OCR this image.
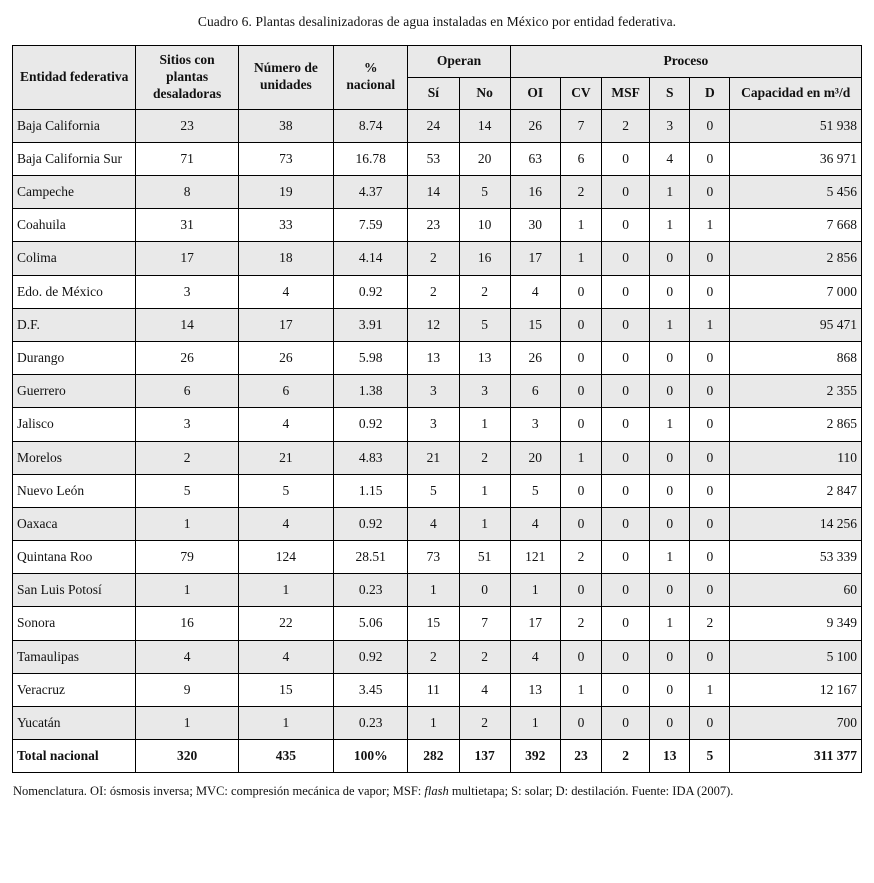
Cuadro 6. Plantas desalinizadoras de agua instaladas en México por entidad federativa.
Entidad federativa	Sitios con plantas desaladoras	Número de unidades	% nacional	Operan		Proceso					
				Sí	No	OI	CV	MSF	S	D	Capacidad en m³/d
Baja California	23	38	8.74	24	14	26	7	2	3	0	51 938
Baja California Sur	71	73	16.78	53	20	63	6	0	4	0	36 971
Campeche	8	19	4.37	14	5	16	2	0	1	0	5 456
Coahuila	31	33	7.59	23	10	30	1	0	1	1	7 668
Colima	17	18	4.14	2	16	17	1	0	0	0	2 856
Edo. de México	3	4	0.92	2	2	4	0	0	0	0	7 000
D.F.	14	17	3.91	12	5	15	0	0	1	1	95 471
Durango	26	26	5.98	13	13	26	0	0	0	0	868
Guerrero	6	6	1.38	3	3	6	0	0	0	0	2 355
Jalisco	3	4	0.92	3	1	3	0	0	1	0	2 865
Morelos	2	21	4.83	21	2	20	1	0	0	0	110
Nuevo León	5	5	1.15	5	1	5	0	0	0	0	2 847
Oaxaca	1	4	0.92	4	1	4	0	0	0	0	14 256
Quintana Roo	79	124	28.51	73	51	121	2	0	1	0	53 339
San Luis Potosí	1	1	0.23	1	0	1	0	0	0	0	60
Sonora	16	22	5.06	15	7	17	2	0	1	2	9 349
Tamaulipas	4	4	0.92	2	2	4	0	0	0	0	5 100
Veracruz	9	15	3.45	11	4	13	1	0	0	1	12 167
Yucatán	1	1	0.23	1	2	1	0	0	0	0	700
Total nacional	320	435	100%	282	137	392	23	2	13	5	311 377
Nomenclatura. OI: ósmosis inversa; MVC: compresión mecánica de vapor; MSF: flash multietapa; S: solar; D: destilación. Fuente: IDA (2007).
